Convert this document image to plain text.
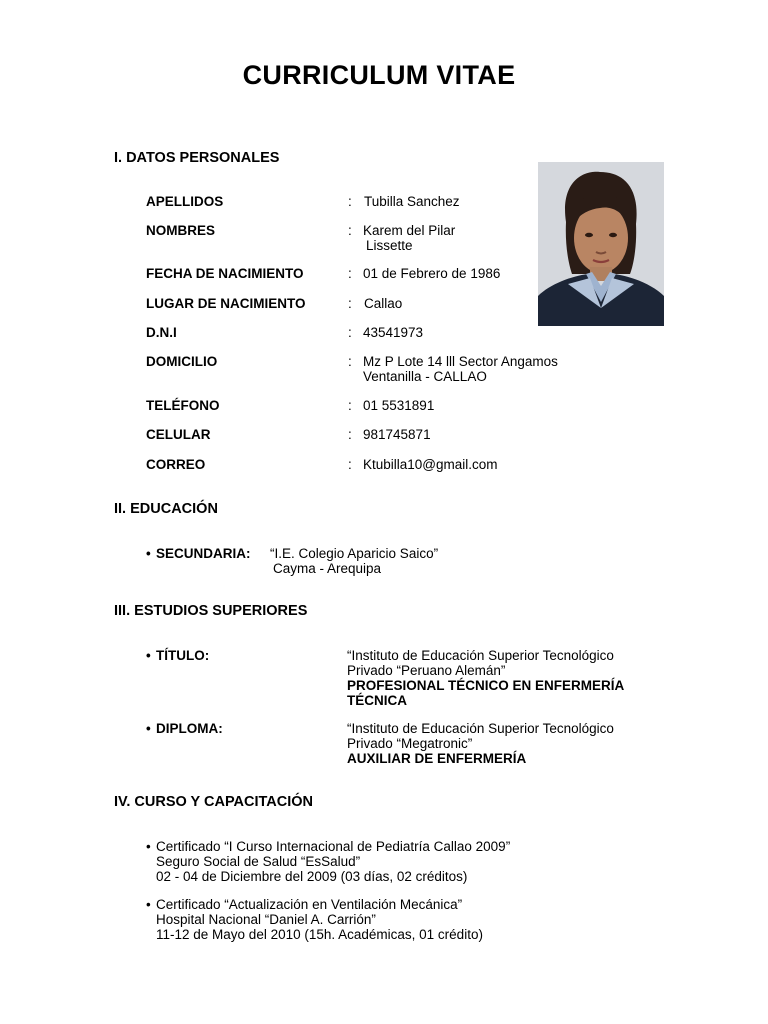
CURRICULUM VITAE
I. DATOS PERSONALES
APELLIDOS	: Tubilla Sanchez
NOMBRES	: Karem del Pilar
Lissette
FECHA DE NACIMIENTO	: 01 de Febrero de 1986
LUGAR DE NACIMIENTO	: Callao
D.N.I	: 43541973
DOMICILIO	: Mz P Lote 14 lll Sector Angamos
Ventanilla - CALLAO
TELÉFONO	: 01 5531891
CELULAR	: 981745871
CORREO	: Ktubilla10@gmail.com
II. EDUCACIÓN
• SECUNDARIA: “I.E. Colegio Aparicio Saico”
Cayma - Arequipa
III. ESTUDIOS SUPERIORES
• TÍTULO:	“Instituto de Educación Superior Tecnológico
Privado “Peruano Alemán”
PROFESIONAL TÉCNICO EN ENFERMERÍA
TÉCNICA
• DIPLOMA:	“Instituto de Educación Superior Tecnológico
Privado “Megatronic”
AUXILIAR DE ENFERMERÍA
IV. CURSO Y CAPACITACIÓN
• Certificado “I Curso Internacional de Pediatría Callao 2009”
Seguro Social de Salud “EsSalud”
02 - 04 de Diciembre del 2009 (03 días, 02 créditos)
• Certificado “Actualización en Ventilación Mecánica”
Hospital Nacional “Daniel A. Carrión”
11-12 de Mayo del 2010 (15h. Académicas, 01 crédito)
